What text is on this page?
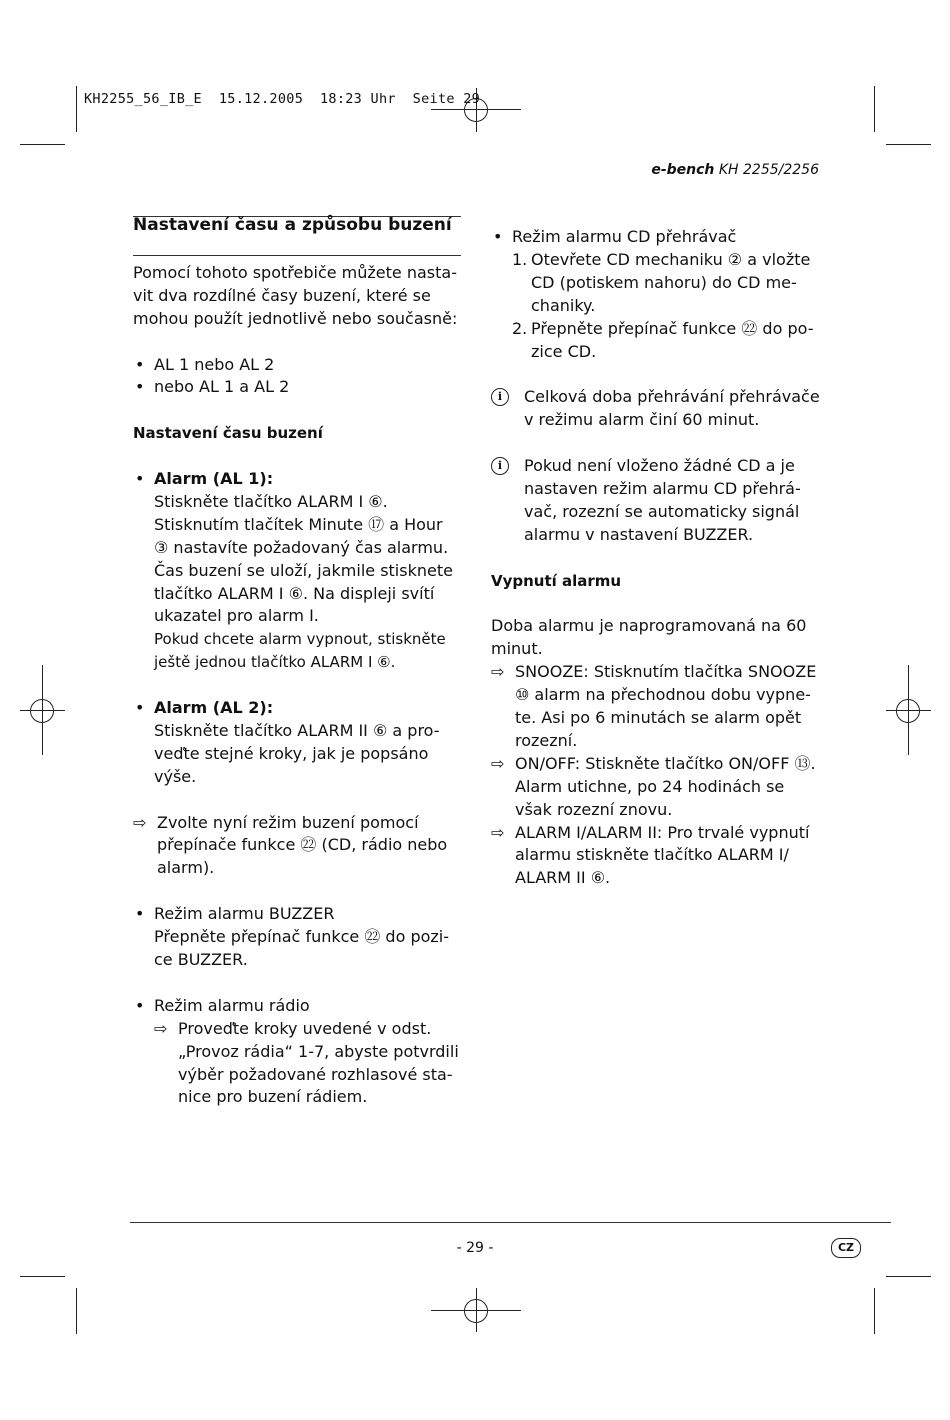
KH2255_56_IB_E  15.12.2005  18:23 Uhr  Seite 29
e-bench KH 2255/2256

Nastavení času a způsobu buzení

Pomocí tohoto spotřebiče můžete nasta-

vit dva rozdílné časy buzení, které se

mohou použít jednotlivě nebo současně:

• AL 1 nebo AL 2

• nebo AL 1 a AL 2

Nastavení času buzení

• Alarm (AL 1):

Stiskněte tlačítko ALARM I ⑥.

Stisknutím tlačítek Minute ⑰ a Hour

③ nastavíte požadovaný čas alarmu.

Čas buzení se uloží, jakmile stisknete

tlačítko ALARM I ⑥. Na displeji svítí

ukazatel pro alarm I.

Pokud chcete alarm vypnout, stiskněte

ještě jednou tlačítko ALARM I ⑥.

• Alarm (AL 2):

Stiskněte tlačítko ALARM II ⑥ a pro-

veďte stejné kroky, jak je popsáno

výše.

⇨ Zvolte nyní režim buzení pomocí

přepínače funkce ㉒ (CD, rádio nebo

alarm).

• Režim alarmu BUZZER

Přepněte přepínač funkce ㉒ do pozi-

ce BUZZER.

• Režim alarmu rádio

⇨ Proveďte kroky uvedené v odst.

„Provoz rádia“ 1-7, abyste potvrdili

výběr požadované rozhlasové sta-

nice pro buzení rádiem.

• Režim alarmu CD přehrávač

1. Otevřete CD mechaniku ② a vložte

CD (potiskem nahoru) do CD me-

chaniky.

2. Přepněte přepínač funkce ㉒ do po-

zice CD.

i	Celková doba přehrávání přehrávače

v režimu alarm činí 60 minut.

i	Pokud není vloženo žádné CD a je

nastaven režim alarmu CD přehrá-

vač, rozezní se automaticky signál

alarmu v nastavení BUZZER.

Vypnutí alarmu

Doba alarmu je naprogramovaná na 60

minut.

⇨ SNOOZE: Stisknutím tlačítka SNOOZE

⑩ alarm na přechodnou dobu vypne-

te. Asi po 6 minutách se alarm opět

rozezní.

⇨ ON/OFF: Stiskněte tlačítko ON/OFF ⑬.

Alarm utichne, po 24 hodinách se

však rozezní znovu.

⇨ ALARM I/ALARM II: Pro trvalé vypnutí

alarmu stiskněte tlačítko ALARM I/

ALARM II ⑥.

- 29 -	CZ
